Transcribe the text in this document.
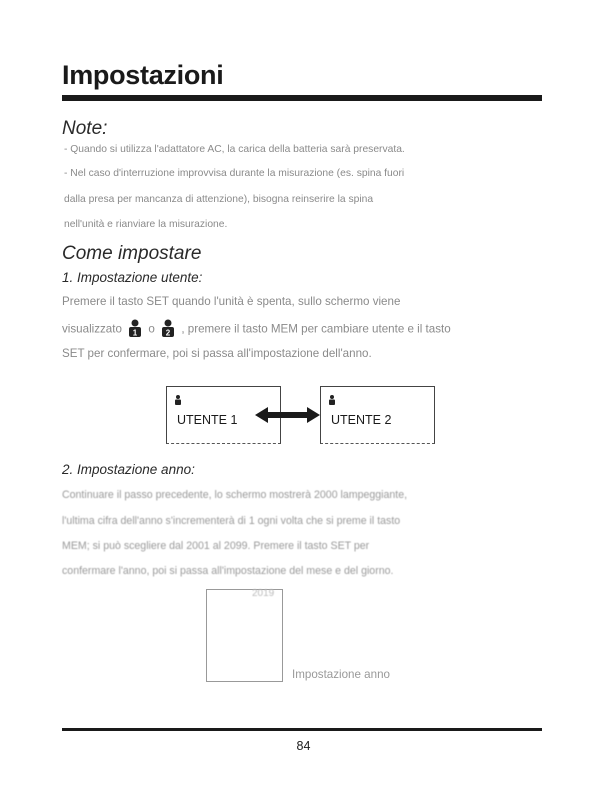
Impostazioni
Note:
- Quando si utilizza l'adattatore AC, la carica della batteria sarà preservata.
- Nel caso d'interruzione improvvisa durante la misurazione (es. spina fuori
dalla presa per mancanza di attenzione), bisogna reinserire la spina
nell'unità e rianviare la misurazione.
Come impostare
1. Impostazione utente:
Premere il tasto SET quando l'unità è spenta, sullo schermo viene
visualizzato 1 o 2 , premere il tasto MEM per cambiare utente e il tasto
SET per confermare, poi si passa all'impostazione dell'anno.
UTENTE 1	UTENTE 2
2. Impostazione anno:
Continuare il passo precedente, lo schermo mostrerà 2000 lampeggiante,
l'ultima cifra dell'anno s'incrementerà di 1 ogni volta che si preme il tasto
MEM; si può scegliere dal 2001 al 2099. Premere il tasto SET per
confermare l'anno, poi si passa all'impostazione del mese e del giorno.
2019
Impostazione anno
84
